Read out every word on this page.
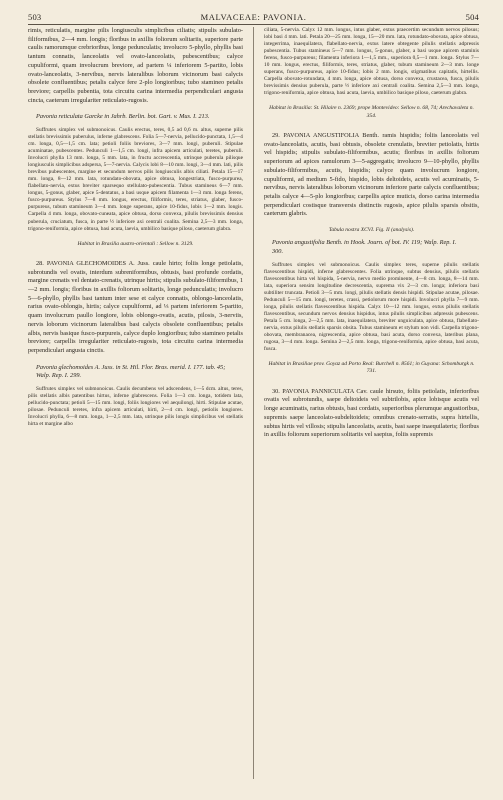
503	MALVACEAE: PAVONIA.	504

rimis, reticulatis, margine pilis longiusculis simplicibus ciliatis; stipulis subulato-filiformibus, 2—4 mm. longis; floribus in axillis foliorum solitariis, superiore parte caulis ramorumque crebrioribus, longe pedunculatis; involucro 5-phyllo, phyllis basi tantum connatis, lanceolatis vel ovato-lanceolatis, pubescentibus; calyce cupuliformi, quam involucrum breviore, ad partem ¼ inferiorem 5-partito, lobis ovato-lanceolatis, 3-nervibus, nervis lateralibus loborum vicinorum basi calycis obsolete confluentibus; petalis calyce fere 2-plo longioribus; tubo stamineo petalis breviore; carpellis pubentia, tota circuitu carina intermedia perpendiculari angusta cincta, caeterum irregulariter reticulato-rugosis.

Pavonia reticulata Garcke in Jahrb. Berlin. bot. Gart. v. Mus. I. 213.

Suffrutex simplex vel submonoicus. Caulis erectus, teres, 0,5 ad 0,6 m. altus, superne pilis stellatis brevissimis puberulus, inferne glabrescens. Folia 5—7-nervia, pellucido-punctata, 1,5—4 cm. longa, 0,5—1,5 cm. lata; petioli foliis breviores, 3—7 mm. longi, puberuli. Stipulae acuminatae, pubescentes. Pedunculi 1—1,5 cm. longi, infra apicem articulati, teretes, puberuli. Involucri phylla 13 mm. longa, 5 mm. lata, in fructu accrescentia, utrinque puberula pilisque longiusculis simplicibus adspersa, 5—7-nervia. Calycis lobi 8—10 mm. longi, 3—4 mm. lati, pilis brevibus pubescentes, margine et secundum nervos pilis longiusculis albis ciliati. Petala 15—17 mm. longa, 8—12 mm. lata, rotundato-obovata, apice obtusa, longestriata, fusco-purpurea, flabellato-nervia, extus breviter sparsequo stellulato-pubescentia. Tubus stamineus 6—7 mm. longus, 5-gonus, glaber, apice 5-dentatus, a basi usque apicem filamenta 1—3 mm. longa ferens, fusco-purpureus. Stylus 7—8 mm. longus, erectus, filiformis, teres, striatus, glaber, fusco-purpureus, tubum stamineum 3—4 mm. longe superans, apice 10-fidus, lobis 1—2 mm. longis. Carpella 4 mm. longa, obovato-cuneata, apice obtusa, dorso convexa, pilulis brevissimis densius puberula, cruciatum, fusca, in parte ½ inferiore axi centrali coalita. Semina 2,5—3 mm. longa, trigono-reniformia, apice obtusa, basi acuta, laevia, umbilico basique piloso, caeterum glabra.

Habitat in Brasilia austro-orientali : Sellow n. 3129.

28. PAVONIA GLECHOMOIDES A. Juss. caule hirto; foliis longe petiolatis, subrotundis vel ovatis, interdum subreniformibus, obtusis, basi profunde cordatis, margine crenatis vel dentato-crenatis, utrinque hirtis; stipulis subulato-filiformibus, 1—2 mm. longis; floribus in axillis foliorum solitariis, longe pedunculatis; involucro 5—6-phyllo, phyllis basi tantum inter sese et calyce connatis, oblongo-lanceolatis, rarius ovato-oblongis, hirtis; calyce cupuliformi, ad ⅓ partem inferiorem 5-partito, quam involucrum paullo longiore, lobis oblongo-ovatis, acutis, pilosis, 3-nerviis, nervis loborum vicinorum lateralibus basi calycis obsolete confluentibus; petalis albis, nervis basique fusco-purpureis, calyce duplo longioribus; tubo stamineo petalis breviore; carpellis irregulariter reticulato-rugosis, tota circuitu carina intermedia perpendiculari angusta cinctis.

Pavonia glechomoides A. Juss. in St. Hil. Flor. Bras. merid. I. 177. tab. 45; Walp. Rep. I. 299.

Suffrutex simplex vel submonoicus. Caulis decumbens vel adscendens, 1—5 dcm. altus, teres, pilis stellatis albis patentibus hirtus, inferne glabrescens. Folia 1—3 cm. longa, totidem lata, pellucido-punctata; petioli 5—15 mm. longi, foliis longiores vel aequilongi, hirti. Stipulae acutae, pilosae. Pedunculi teretes, infra apicem articulati, hirti, 2—4 cm. longi, petiolis longiores. Involucri phylla, 6—8 mm. longa, 1—2,5 mm. lata, utrinque pilis longis simplicibus vel stellatis hirta et margine albo

ciliata, 5-nervia. Calyx 12 mm. longus, intus glaber, extus praecertim secundum nervos pilosus; lobi basi 4 mm. lati. Petala 20—25 mm. longa, 15—20 mm. lata, rotundato-obovata, apice obtusa, integerrima, inaequilatera, flabellato-nervia, extus latere obtegente pilulis stellatis adpressis pubescentia. Tubus stamineus 5—7 mm. longus, 5-gonus, glaber, a basi usque apicem staminis ferens, fusco-purpureus; filamenta inferiora 1—1,5 mm., superiora 0,5—1 mm. longa. Stylus 7—10 mm. longus, erectus, filiformis, teres, striatus, glaber, tubum stamineum 2—3 mm. longe superans, fusco-purpureus, apice 10-fidus; lobis 2 mm. longis, stigmatibus capitatis, hirtellis. Carpella obovato-rotundata, 4 mm. longa, apice obtusa, dorso convexa, crustacea, fusca, pilulis brevissimis densius puberula, parte ½ inferiore axi centrali coalita. Semina 2,5—3 mm. longa, trigono-reniformia, apice obtusa, basi acuta, laevia, umbilico basique piloso, caeterum glabra.

Habitat in Brasilia: St. Hilaire n. 2369; prope Montevideo: Sellow n. 68, 74; Arechavaleta n. 354.

29. PAVONIA ANGUSTIFOLIA Benth. ramis hispidis; foliis lanceolatis vel ovato-lanceolatis, acutis, basi obtusis, obsolete crenulatis, breviter petiolatis, hirtis vel hispidis; stipulis subulato-filiformibus, acutis; floribus in axillis foliorum superiorum ad apices ramulorum 3—5-aggregatis; involucro 9—10-phyllo, phyllis subulato-filiformibus, acutis, hispidis; calyce quam involucrum longiore, cupuliformi, ad medium 5-fido, hispido, lobis deltoideis, acutis vel acuminatis, 5-nervibus, nervis lateralibus loborum vicinorum inferiore parte calycis confluentibus; petalis calyce 4—5-plo longioribus; carpellis apice muticis, dorso carina intermedia perpendiculari costisque transversis distinctis rugosis, apice pilulis sparsis obsitis, caeterum glabris.

Tabula nostra XCVI. Fig. II (analysis).

Pavonia angustifolia Benth. in Hook. Journ. of bot. IV. 119; Walp. Rep. I. 300.

Suffrutex simplex vel submonoicus. Caulis simplex teres, superne pilulis stellatis flavescentibus hispidi, inferne glabrescentes. Folia utrinque, subtus densius, pilulis stellatis flavescentibus hirta vel hispida, 5-nervia, nervo medio prominente, 4—8 cm. longa, 8—14 mm. lata, superiora sensim longitudine decrescentia, suprema vix 2—3 cm. longa; inferiora basi subtiliter truncata. Petioli 3—5 mm. longi, pilulis stellatis densis hispidi. Stipulae acutae, pilosae. Pedunculi 5—15 mm. longi, teretes, crassi, petiolorum more hispidi. Involucri phylla 7—9 mm. longa, pilulis stellatis flavescentibus hispida. Calyx 10—12 mm. longus, extus pilulis stellatis flavescentibus, secundum nervos densius hispidus, intus pilulis simplicibus adpressis pubescens. Petala 5 cm. longa, 2—2,5 mm. lata, inaequilatera, breviter unguiculata, apice obtusa, flabellato-nervia, extus pilulis stellatis sparsis obsita. Tubus stamineum et stylum non vidi. Carpella trigono-obovata, membranacea, nigrescentia, apice obtusa, basi acuta, dorso convexa, lateribus plana, rugosa, 3—4 mm. longa. Semina 2—2,5 mm. longa, trigono-reniformia, apice obtusa, basi acuta, fusca.

Habitat in Brasiliae prov. Goyaz ad Porto Real: Burchell n. 8561; in Guyana: Schomburgk n. 731.

30. PAVONIA PANNICULATA Cav. caule hirsuto, foliis petiolatis, inferioribus ovatis vel subrotundis, saepe deltoideis vel subtrilobis, apice lobisque acutis vel longe acuminatis, rarius obtusis, basi cordatis, superioribus plerumque angustioribus, supremis saepe lanceolato-subdeltoideis; omnibus crenato-serratis, supra hirtellis, subtus hirtis vel villosis; stipulis lanceolatis, acutis, basi saepe inaequilateris; floribus in axillis foliorum superiorum solitariis vel saepius, foliis supremis
